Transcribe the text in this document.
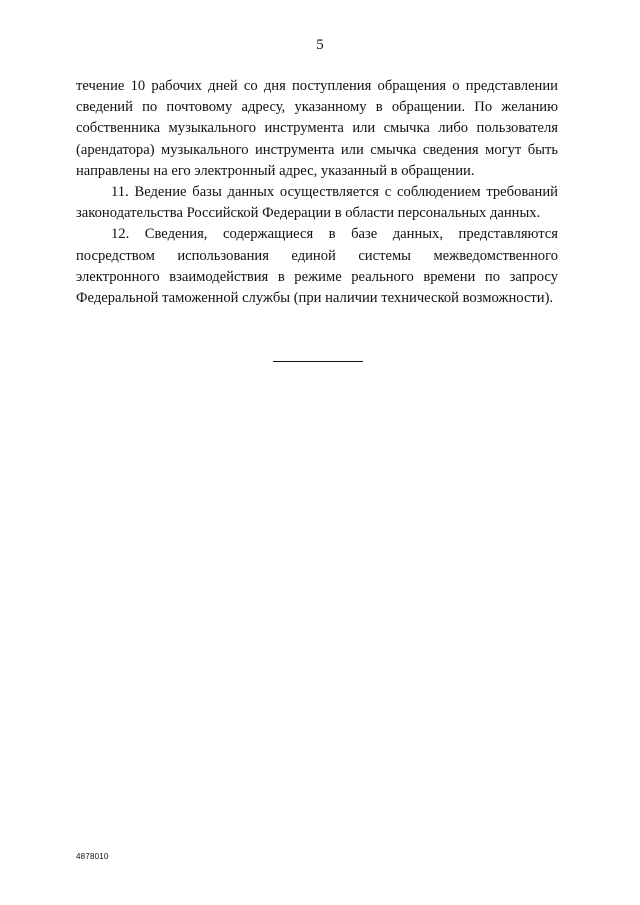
5

течение 10 рабочих дней со дня поступления обращения о представлении сведений по почтовому адресу, указанному в обращении. По желанию собственника музыкального инструмента или смычка либо пользователя (арендатора) музыкального инструмента или смычка сведения могут быть направлены на его электронный адрес, указанный в обращении.

11. Ведение базы данных осуществляется с соблюдением требований законодательства Российской Федерации в области персональных данных.

12. Сведения, содержащиеся в базе данных, представляются посредством использования единой системы межведомственного электронного взаимодействия в режиме реального времени по запросу Федеральной таможенной службы (при наличии технической возможности).

4878010
